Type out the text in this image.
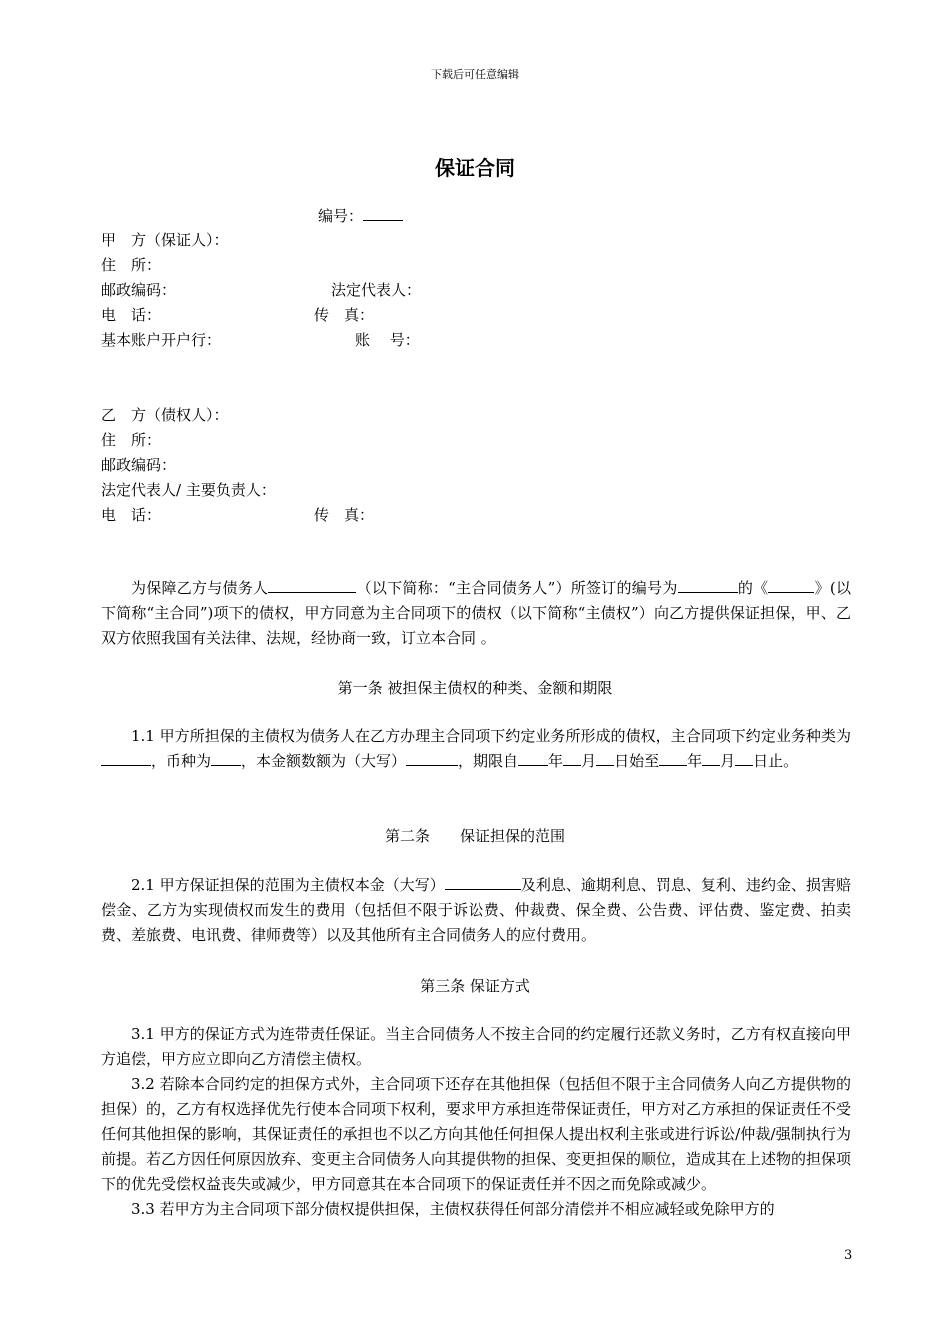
下载后可任意编辑
保证合同
编号：
甲　方（保证人）：
住　所：
邮政编码：	法定代表人：
电　话：	传　真：
基本账户开户行：	账　 号：
乙　方（债权人）：
住　所：
邮政编码：
法定代表人/ 主要负责人：
电　话：	传　真：

为保障乙方与债务人	（以下简称：“主合同债务人”）所签订的编号为	的《	》(以下简称“主合同”)项下的债权，甲方同意为主合同项下的债权（以下简称“主债权”）向乙方提供保证担保，甲、乙双方依照我国有关法律、法规，经协商一致，订立本合同 。

第一条 被担保主债权的种类、金额和期限

1.1 甲方所担保的主债权为债务人在乙方办理主合同项下约定业务所形成的债权，主合同项下约定业务种类为，币种为 ，本金额数额为（大写）	，期限自 年 月 日始至 年 月 日止。

第二条　　保证担保的范围

2.1 甲方保证担保的范围为主债权本金（大写）	及利息、逾期利息、罚息、复利、违约金、损害赔偿金、乙方为实现债权而发生的费用（包括但不限于诉讼费、仲裁费、保全费、公告费、评估费、鉴定费、拍卖费、差旅费、电讯费、律师费等）以及其他所有主合同债务人的应付费用。

第三条 保证方式

3.1 甲方的保证方式为连带责任保证。当主合同债务人不按主合同的约定履行还款义务时，乙方有权直接向甲方追偿，甲方应立即向乙方清偿主债权。

3.2 若除本合同约定的担保方式外，主合同项下还存在其他担保（包括但不限于主合同债务人向乙方提供物的担保）的，乙方有权选择优先行使本合同项下权利，要求甲方承担连带保证责任，甲方对乙方承担的保证责任不受任何其他担保的影响，其保证责任的承担也不以乙方向其他任何担保人提出权利主张或进行诉讼/仲裁/强制执行为前提。若乙方因任何原因放弃、变更主合同债务人向其提供物的担保、变更担保的顺位，造成其在上述物的担保项下的优先受偿权益丧失或减少，甲方同意其在本合同项下的保证责任并不因之而免除或减少。

3.3 若甲方为主合同项下部分债权提供担保，主债权获得任何部分清偿并不相应减轻或免除甲方的

3
